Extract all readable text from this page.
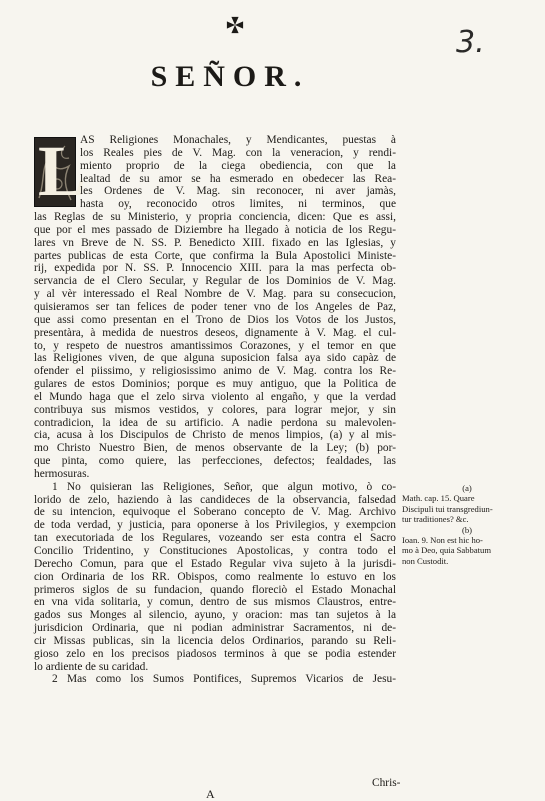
3.
SEÑOR.
L
AS Religiones Monachales, y Mendicantes, puestas à
los Reales pies de V. Mag. con la veneracion, y rendi-
miento proprio de la ciega obediencia, con que la
lealtad de su amor se ha esmerado en obedecer las Rea-
les Ordenes de V. Mag. sin reconocer, ni aver jamàs,
hasta oy, reconocido otros limites, ni terminos, que
las Reglas de su Ministerio, y propria conciencia, dicen: Que es assi,
que por el mes passado de Diziembre ha llegado à noticia de los Regu-
lares vn Breve de N. SS. P. Benedicto XIII. fixado en las Iglesias, y
partes publicas de esta Corte, que confirma la Bula Apostolici Ministe-
rij, expedida por N. SS. P. Innocencio XIII. para la mas perfecta ob-
servancia de el Clero Secular, y Regular de los Dominios de V. Mag.
y al vèr interessado el Real Nombre de V. Mag. para su consecucion,
quisieramos ser tan felices de poder tener vno de los Angeles de Paz,
que assi como presentan en el Trono de Dios los Votos de los Justos,
presentàra, à medida de nuestros deseos, dignamente à V. Mag. el cul-
to, y respeto de nuestros amantissimos Corazones, y el temor en que
las Religiones viven, de que alguna suposicion falsa aya sido capàz de
ofender el piissimo, y religiosissimo animo de V. Mag. contra los Re-
gulares de estos Dominios; porque es muy antiguo, que la Politica de
el Mundo haga que el zelo sirva violento al engaño, y que la verdad
contribuya sus mismos vestidos, y colores, para lograr mejor, y sin
contradicion, la idea de su artificio. A nadie perdona su malevolen-
cia, acusa à los Discipulos de Christo de menos limpios, (a) y al mis-
mo Christo Nuestro Bien, de menos observante de la Ley; (b) por-
que pinta, como quiere, las perfecciones, defectos; fealdades, las
hermosuras.
1 No quisieran las Religiones, Señor, que algun motivo, ò co-
lorido de zelo, haziendo à las candideces de la observancia, falsedad
de su intencion, equivoque el Soberano concepto de V. Mag. Archivo
de toda verdad, y justicia, para oponerse à los Privilegios, y exempcion
tan executoriada de los Regulares, vozeando ser esta contra el Sacro
Concilio Tridentino, y Constituciones Apostolicas, y contra todo el
Derecho Comun, para que el Estado Regular viva sujeto à la jurisdi-
cion Ordinaria de los RR. Obispos, como realmente lo estuvo en los
primeros siglos de su fundacion, quando floreciò el Estado Monachal
en vna vida solitaria, y comun, dentro de sus mismos Claustros, entre-
gados sus Monges al silencio, ayuno, y oracion: mas tan sujetos à la
jurisdicion Ordinaria, que ni podian administrar Sacramentos, ni de-
cir Missas publicas, sin la licencia delos Ordinarios, parando su Reli-
gioso zelo en los precisos piadosos terminos à que se podia estender
lo ardiente de su caridad.
2 Mas como los Sumos Pontifices, Supremos Vicarios de Jesu-
(a)
Math. cap. 15. Quare
Discipuli tui transgrediun-
tur traditiones? &c.
(b)
Ioan. 9. Non est hic ho-
mo à Deo, quia Sabbatum
non Custodit.
Chris-
A
